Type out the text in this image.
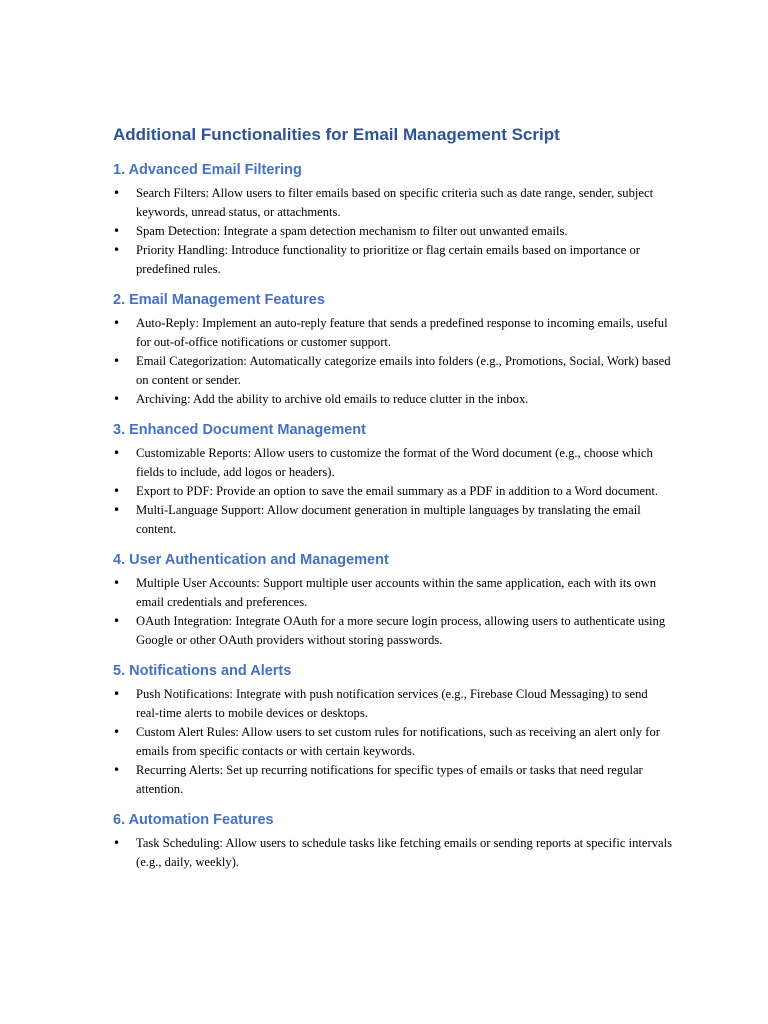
Additional Functionalities for Email Management Script
1. Advanced Email Filtering
• Search Filters: Allow users to filter emails based on specific criteria such as date range, sender, subject keywords, unread status, or attachments.
• Spam Detection: Integrate a spam detection mechanism to filter out unwanted emails.
• Priority Handling: Introduce functionality to prioritize or flag certain emails based on importance or predefined rules.
2. Email Management Features
• Auto-Reply: Implement an auto-reply feature that sends a predefined response to incoming emails, useful for out-of-office notifications or customer support.
• Email Categorization: Automatically categorize emails into folders (e.g., Promotions, Social, Work) based on content or sender.
• Archiving: Add the ability to archive old emails to reduce clutter in the inbox.
3. Enhanced Document Management
• Customizable Reports: Allow users to customize the format of the Word document (e.g., choose which fields to include, add logos or headers).
• Export to PDF: Provide an option to save the email summary as a PDF in addition to a Word document.
• Multi-Language Support: Allow document generation in multiple languages by translating the email content.
4. User Authentication and Management
• Multiple User Accounts: Support multiple user accounts within the same application, each with its own email credentials and preferences.
• OAuth Integration: Integrate OAuth for a more secure login process, allowing users to authenticate using Google or other OAuth providers without storing passwords.
5. Notifications and Alerts
• Push Notifications: Integrate with push notification services (e.g., Firebase Cloud Messaging) to send real-time alerts to mobile devices or desktops.
• Custom Alert Rules: Allow users to set custom rules for notifications, such as receiving an alert only for emails from specific contacts or with certain keywords.
• Recurring Alerts: Set up recurring notifications for specific types of emails or tasks that need regular attention.
6. Automation Features
• Task Scheduling: Allow users to schedule tasks like fetching emails or sending reports at specific intervals (e.g., daily, weekly).
